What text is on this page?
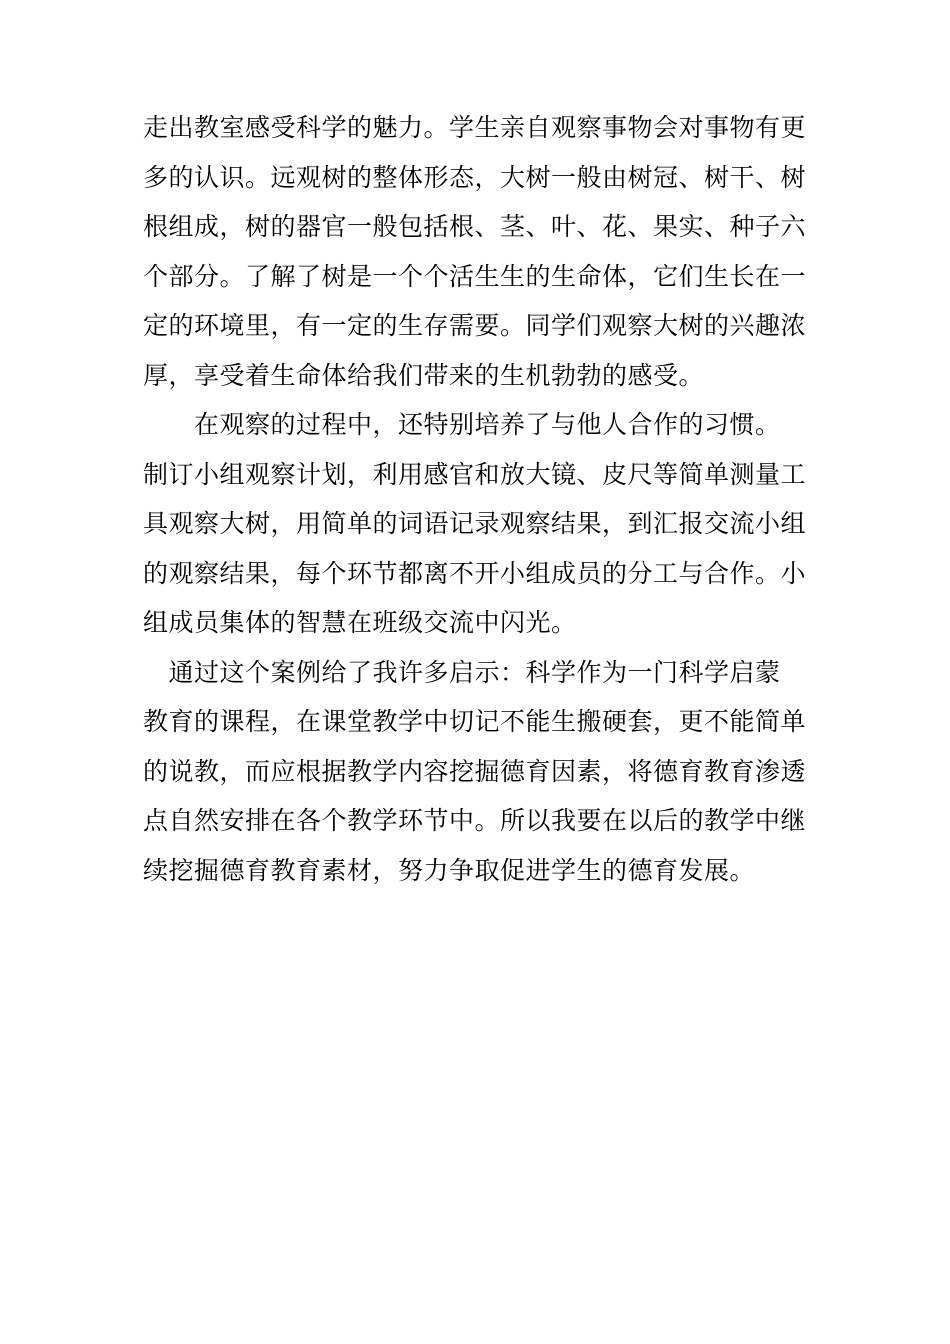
走出教室感受科学的魅力。学生亲自观察事物会对事物有更
多的认识。远观树的整体形态，大树一般由树冠、树干、树
根组成，树的器官一般包括根、茎、叶、花、果实、种子六
个部分。了解了树是一个个活生生的生命体，它们生长在一
定的环境里，有一定的生存需要。同学们观察大树的兴趣浓
厚，享受着生命体给我们带来的生机勃勃的感受。
　　在观察的过程中，还特别培养了与他人合作的习惯。
制订小组观察计划，利用感官和放大镜、皮尺等简单测量工
具观察大树，用简单的词语记录观察结果，到汇报交流小组
的观察结果，每个环节都离不开小组成员的分工与合作。小
组成员集体的智慧在班级交流中闪光。
　通过这个案例给了我许多启示：科学作为一门科学启蒙
教育的课程，在课堂教学中切记不能生搬硬套，更不能简单
的说教，而应根据教学内容挖掘德育因素，将德育教育渗透
点自然安排在各个教学环节中。所以我要在以后的教学中继
续挖掘德育教育素材，努力争取促进学生的德育发展。
